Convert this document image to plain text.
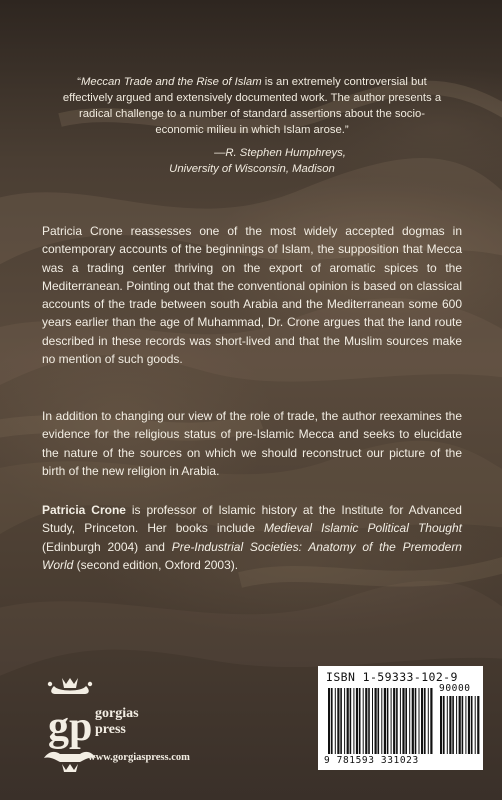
“Meccan Trade and the Rise of Islam is an extremely controversial but effectively argued and extensively documented work. The author presents a radical challenge to a number of standard assertions about the socio-economic milieu in which Islam arose.”
—R. Stephen Humphreys,
University of Wisconsin, Madison

Patricia Crone reassesses one of the most widely accepted dogmas in contemporary accounts of the beginnings of Islam, the supposition that Mecca was a trading center thriving on the export of aromatic spices to the Mediterranean. Pointing out that the conventional opinion is based on classical accounts of the trade between south Arabia and the Mediterranean some 600 years earlier than the age of Muhammad, Dr. Crone argues that the land route described in these records was short-lived and that the Muslim sources make no mention of such goods.

In addition to changing our view of the role of trade, the author reexamines the evidence for the religious status of pre-Islamic Mecca and seeks to elucidate the nature of the sources on which we should reconstruct our picture of the birth of the new religion in Arabia.

Patricia Crone is professor of Islamic history at the Institute for Advanced Study, Princeton. Her books include Medieval Islamic Political Thought (Edinburgh 2004) and Pre-Industrial Societies: Anatomy of the Premodern World (second edition, Oxford 2003).

gp gorgias
press
www.gorgiaspress.com
ISBN 1-59333-102-9
9 781593 331023
90000
